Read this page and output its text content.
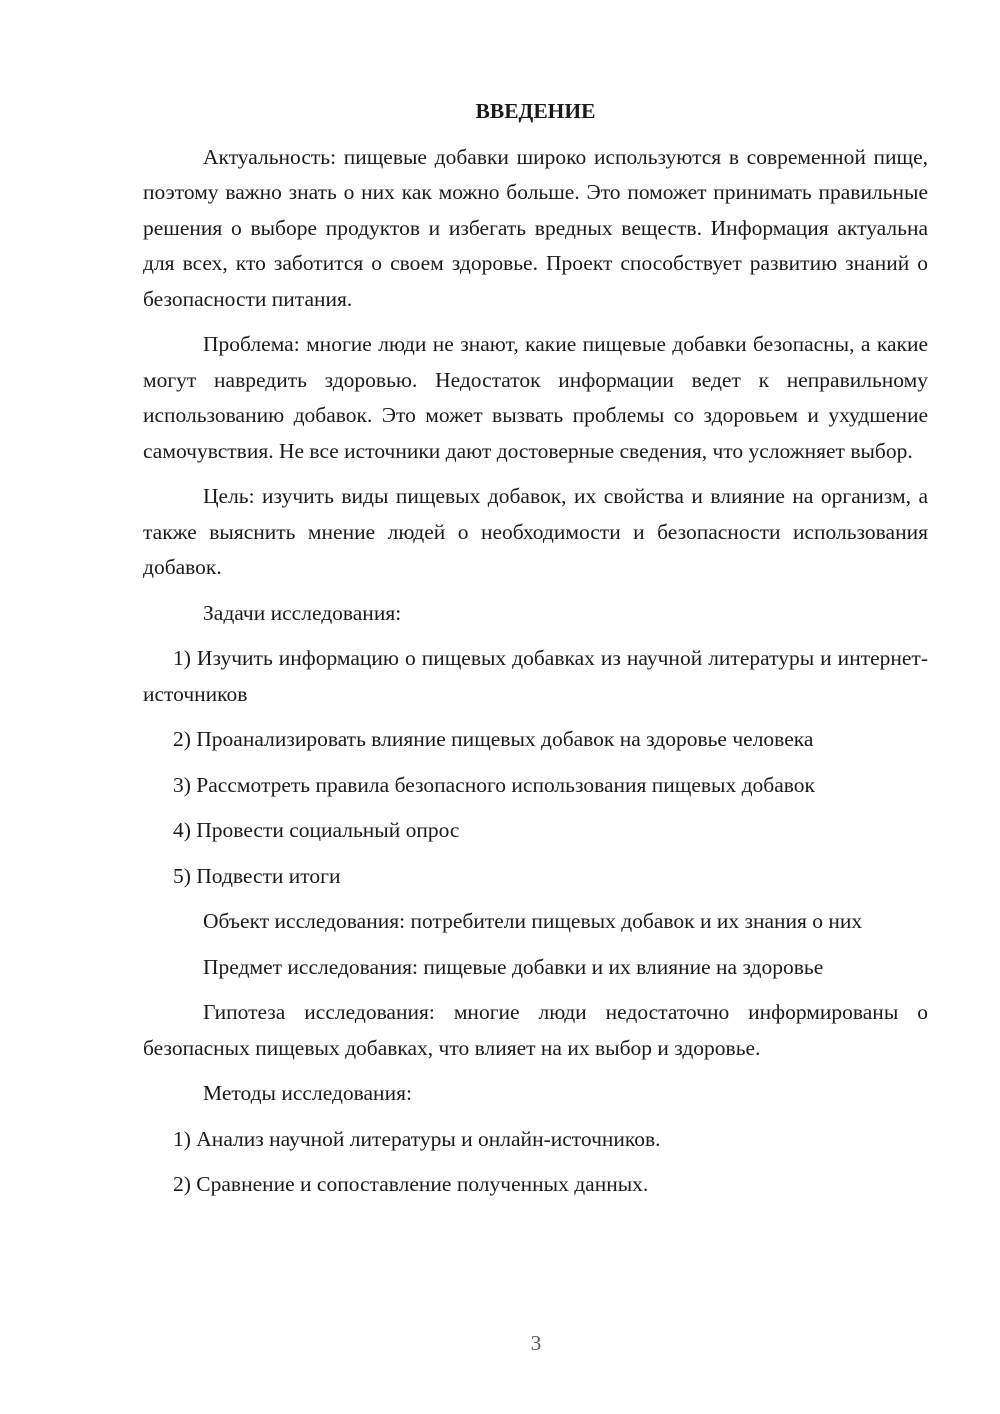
ВВЕДЕНИЕ

Актуальность: пищевые добавки широко используются в современной пище, поэтому важно знать о них как можно больше. Это поможет принимать правильные решения о выборе продуктов и избегать вредных веществ. Информация актуальна для всех, кто заботится о своем здоровье. Проект способствует развитию знаний о безопасности питания.

Проблема: многие люди не знают, какие пищевые добавки безопасны, а какие могут навредить здоровью. Недостаток информации ведет к неправильному использованию добавок. Это может вызвать проблемы со здоровьем и ухудшение самочувствия. Не все источники дают достоверные сведения, что усложняет выбор.

Цель: изучить виды пищевых добавок, их свойства и влияние на организм, а также выяснить мнение людей о необходимости и безопасности использования добавок.

Задачи исследования:

1) Изучить информацию о пищевых добавках из научной литературы и интернет-источников

2) Проанализировать влияние пищевых добавок на здоровье человека

3) Рассмотреть правила безопасного использования пищевых добавок

4) Провести социальный опрос

5) Подвести итоги

Объект исследования: потребители пищевых добавок и их знания о них

Предмет исследования: пищевые добавки и их влияние на здоровье

Гипотеза исследования: многие люди недостаточно информированы о безопасных пищевых добавках, что влияет на их выбор и здоровье.

Методы исследования:

1) Анализ научной литературы и онлайн-источников.

2) Сравнение и сопоставление полученных данных.

3
